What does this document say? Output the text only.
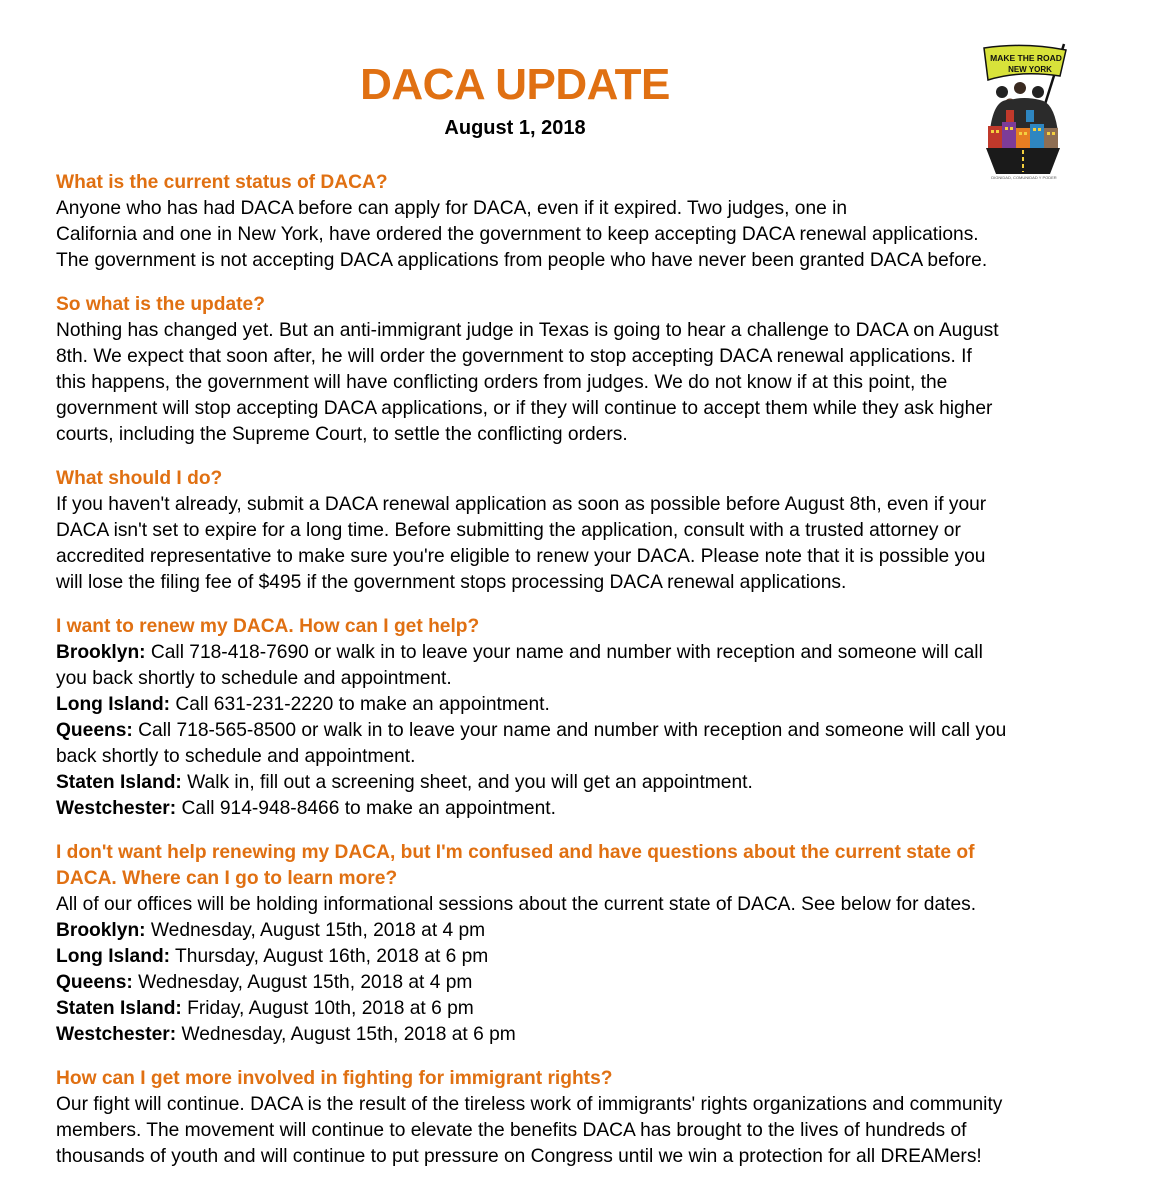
DACA UPDATE
August 1, 2018
MAKE THE ROAD
NEW YORK
DIGNIDAD, COMUNIDAD Y PODER

What is the current status of DACA?

Anyone who has had DACA before can apply for DACA, even if it expired. Two judges, one in

California and one in New York, have ordered the government to keep accepting DACA renewal applications.

The government is not accepting DACA applications from people who have never been granted DACA before.

So what is the update?

Nothing has changed yet. But an anti-immigrant judge in Texas is going to hear a challenge to DACA on August

8th. We expect that soon after, he will order the government to stop accepting DACA renewal applications. If

this happens, the government will have conflicting orders from judges. We do not know if at this point, the

government will stop accepting DACA applications, or if they will continue to accept them while they ask higher

courts, including the Supreme Court, to settle the conflicting orders.

What should I do?

If you haven't already, submit a DACA renewal application as soon as possible before August 8th, even if your

DACA isn't set to expire for a long time. Before submitting the application, consult with a trusted attorney or

accredited representative to make sure you're eligible to renew your DACA. Please note that it is possible you

will lose the filing fee of $495 if the government stops processing DACA renewal applications.

I want to renew my DACA. How can I get help?

Brooklyn: Call 718-418-7690 or walk in to leave your name and number with reception and someone will call

you back shortly to schedule and appointment.

Long Island: Call 631-231-2220 to make an appointment.

Queens: Call 718-565-8500 or walk in to leave your name and number with reception and someone will call you

back shortly to schedule and appointment.

Staten Island: Walk in, fill out a screening sheet, and you will get an appointment.

Westchester: Call 914-948-8466 to make an appointment.

I don't want help renewing my DACA, but I'm confused and have questions about the current state of

DACA. Where can I go to learn more?

All of our offices will be holding informational sessions about the current state of DACA. See below for dates.

Brooklyn: Wednesday, August 15th, 2018 at 4 pm

Long Island: Thursday, August 16th, 2018 at 6 pm

Queens: Wednesday, August 15th, 2018 at 4 pm

Staten Island: Friday, August 10th, 2018 at 6 pm

Westchester: Wednesday, August 15th, 2018 at 6 pm

How can I get more involved in fighting for immigrant rights?

Our fight will continue. DACA is the result of the tireless work of immigrants' rights organizations and community

members. The movement will continue to elevate the benefits DACA has brought to the lives of hundreds of

thousands of youth and will continue to put pressure on Congress until we win a protection for all DREAMers!
